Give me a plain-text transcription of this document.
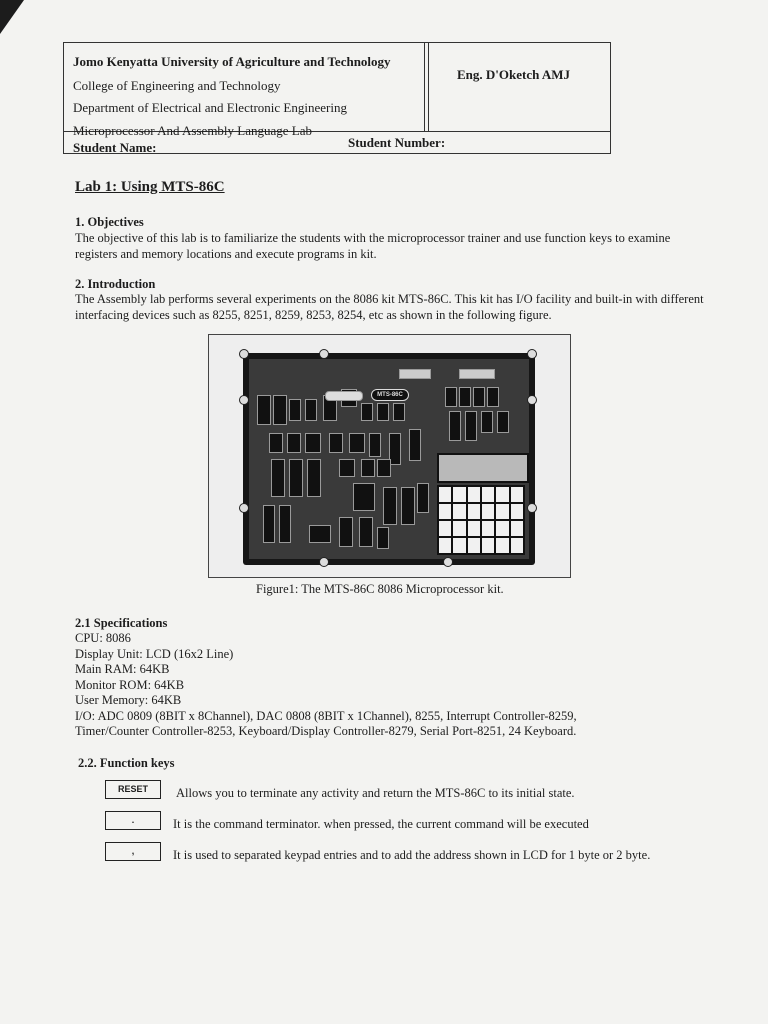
Jomo Kenyatta University of Agriculture and Technology
College of Engineering and Technology
Department of Electrical and Electronic Engineering
Microprocessor And Assembly Language Lab
Student Name:	Student Number:
Eng. D'Oketch AMJ
Lab 1: Using MTS-86C
1. Objectives
The objective of this lab is to familiarize the students with the microprocessor trainer and use function keys to examine registers and memory locations and execute programs in kit.
2. Introduction
The Assembly lab performs several experiments on the 8086 kit MTS-86C. This kit has I/O facility and built-in with different interfacing devices such as 8255, 8251, 8259, 8253, 8254, etc as shown in the following figure.
MTS-86C
Figure1: The MTS-86C 8086 Microprocessor kit.
2.1 Specifications
CPU: 8086
Display Unit: LCD (16x2 Line)
Main RAM: 64KB
Monitor ROM: 64KB
User Memory: 64KB
I/O: ADC 0809 (8BIT x 8Channel), DAC 0808 (8BIT x 1Channel), 8255, Interrupt Controller-8259,
Timer/Counter Controller-8253, Keyboard/Display Controller-8279, Serial Port-8251, 24 Keyboard.
2.2. Function keys
RESET	Allows you to terminate any activity and return the MTS-86C to its initial state.
.	It is the command terminator. when pressed, the current command will be executed
,	It is used to separated keypad entries and to add the address shown in LCD for 1 byte or 2 byte.
